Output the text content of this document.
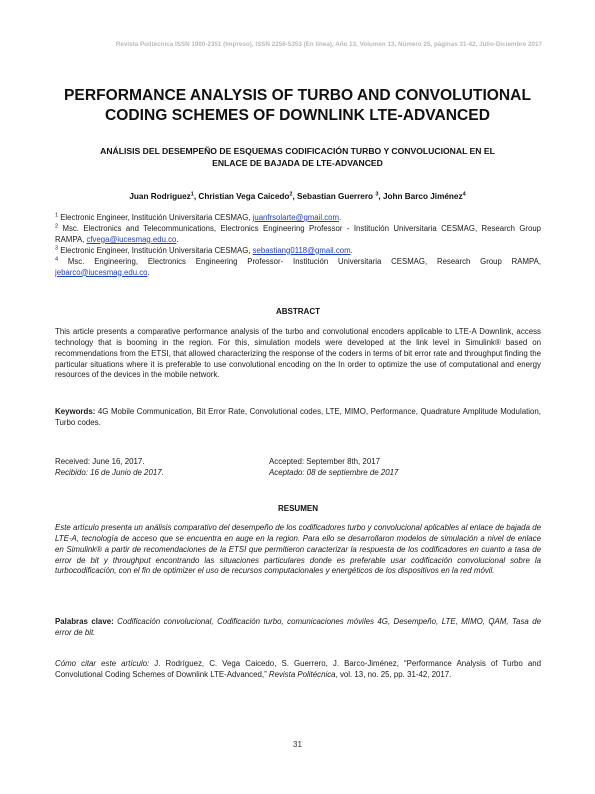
Revista Politécnica ISSN 1900-2351 (Impreso), ISSN 2256-5353 (En línea), Año 13, Volumen 13, Número 25, páginas 31-42, Julio-Diciembre 2017
PERFORMANCE ANALYSIS OF TURBO AND CONVOLUTIONAL
CODING SCHEMES OF DOWNLINK LTE-ADVANCED
ANÁLISIS DEL DESEMPEÑO DE ESQUEMAS CODIFICACIÓN TURBO Y CONVOLUCIONAL EN EL
ENLACE DE BAJADA DE LTE-ADVANCED
Juan Rodriguez$^1$, Christian Vega Caicedo$^2$, Sebastian Guerrero $^3$, John Barco Jiménez$^4$
$^1$ Electronic Engineer, Institución Universitaria CESMAG, juanfrsolarte@gmail.com.
$^2$ Msc. Electronics and Telecommunications, Electronics Engineering Professor - Institución Universitaria CESMAG, Research Group RAMPA, cfvega@iucesmag.edu.co.
$^3$ Electronic Engineer, Institución Universitaria CESMAG, sebastiang0118@gmail.com.
$^4$ Msc. Engineering, Electronics Engineering Professor- Institución Universitaria CESMAG, Research Group RAMPA, jebarco@iucesmag.edu.co.
ABSTRACT
This article presents a comparative performance analysis of the turbo and convolutional encoders applicable to LTE-A Downlink, access technology that is booming in the region. For this, simulation models were developed at the link level in Simulink® based on recommendations from the ETSI, that allowed characterizing the response of the coders in terms of bit error rate and throughput finding the particular situations where it is preferable to use convolutional encoding on the In order to optimize the use of computational and energy resources of the devices in the mobile network.
Keywords: 4G Mobile Communication, Bit Error Rate, Convolutional codes, LTE, MIMO, Performance, Quadrature Amplitude Modulation, Turbo codes.
Received: June 16, 2017.	Accepted: September 8th, 2017
Recibido: 16 de Junio de 2017.	Aceptado: 08 de septiembre de 2017
RESUMEN
Este artículo presenta un análisis comparativo del desempeño de los codificadores turbo y convolucional aplicables al enlace de bajada de LTE-A, tecnología de acceso que se encuentra en auge en la region. Para ello se desarrollaron modelos de simulación a nivel de enlace en Simulink® a partir de recomendaciones de la ETSI que permitieron caracterizar la respuesta de los codificadores en cuanto a tasa de error de bit y throughput encontrando las situaciones particulares donde es preferable usar codificación convolucional sobre la turbocodificación, con el fin de optimizer el uso de recursos computacionales y energéticos de los dispositivos en la red móvil.
Palabras clave: Codificación convolucional, Codificación turbo, comunicaciones móviles 4G, Desempeño, LTE, MIMO, QAM, Tasa de error de bit.
Cómo citar este artículo: J. Rodríguez, C. Vega Caicedo, S. Guerrero, J. Barco-Jiménez, “Performance Analysis of Turbo and Convolutional Coding Schemes of Downlink LTE-Advanced,” Revista Politécnica, vol. 13, no. 25, pp. 31-42, 2017.
31
